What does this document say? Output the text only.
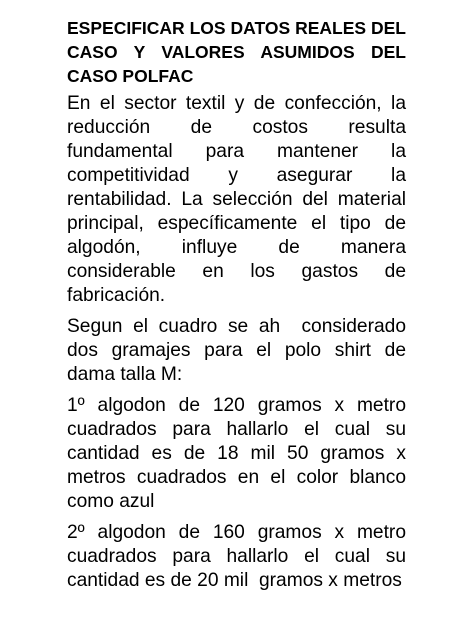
ESPECIFICAR LOS DATOS REALES DEL CASO Y VALORES ASUMIDOS DEL CASO POLFAC

En el sector textil y de confección, la reducción de costos resulta fundamental para mantener la competitividad y asegurar la rentabilidad. La selección del material principal, específicamente el tipo de algodón, influye de manera considerable en los gastos de fabricación.

Segun el cuadro se ah  considerado dos gramajes para el polo shirt de dama talla M:

1º algodon de 120 gramos x metro cuadrados para hallarlo el cual su cantidad es de 18 mil 50 gramos x metros cuadrados en el color blanco como azul

2º algodon de 160 gramos x metro cuadrados para hallarlo el cual su cantidad es de 20 mil  gramos x metros
